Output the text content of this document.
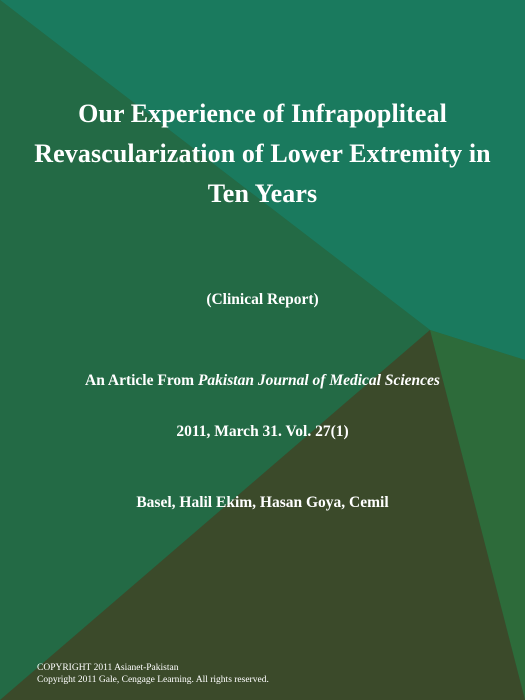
Our Experience of Infrapopliteal Revascularization of Lower Extremity in Ten Years
(Clinical Report)
An Article From Pakistan Journal of Medical Sciences
2011, March 31. Vol. 27(1)
Basel, Halil Ekim, Hasan Goya, Cemil
COPYRIGHT 2011 Asianet-Pakistan
Copyright 2011 Gale, Cengage Learning. All rights reserved.
